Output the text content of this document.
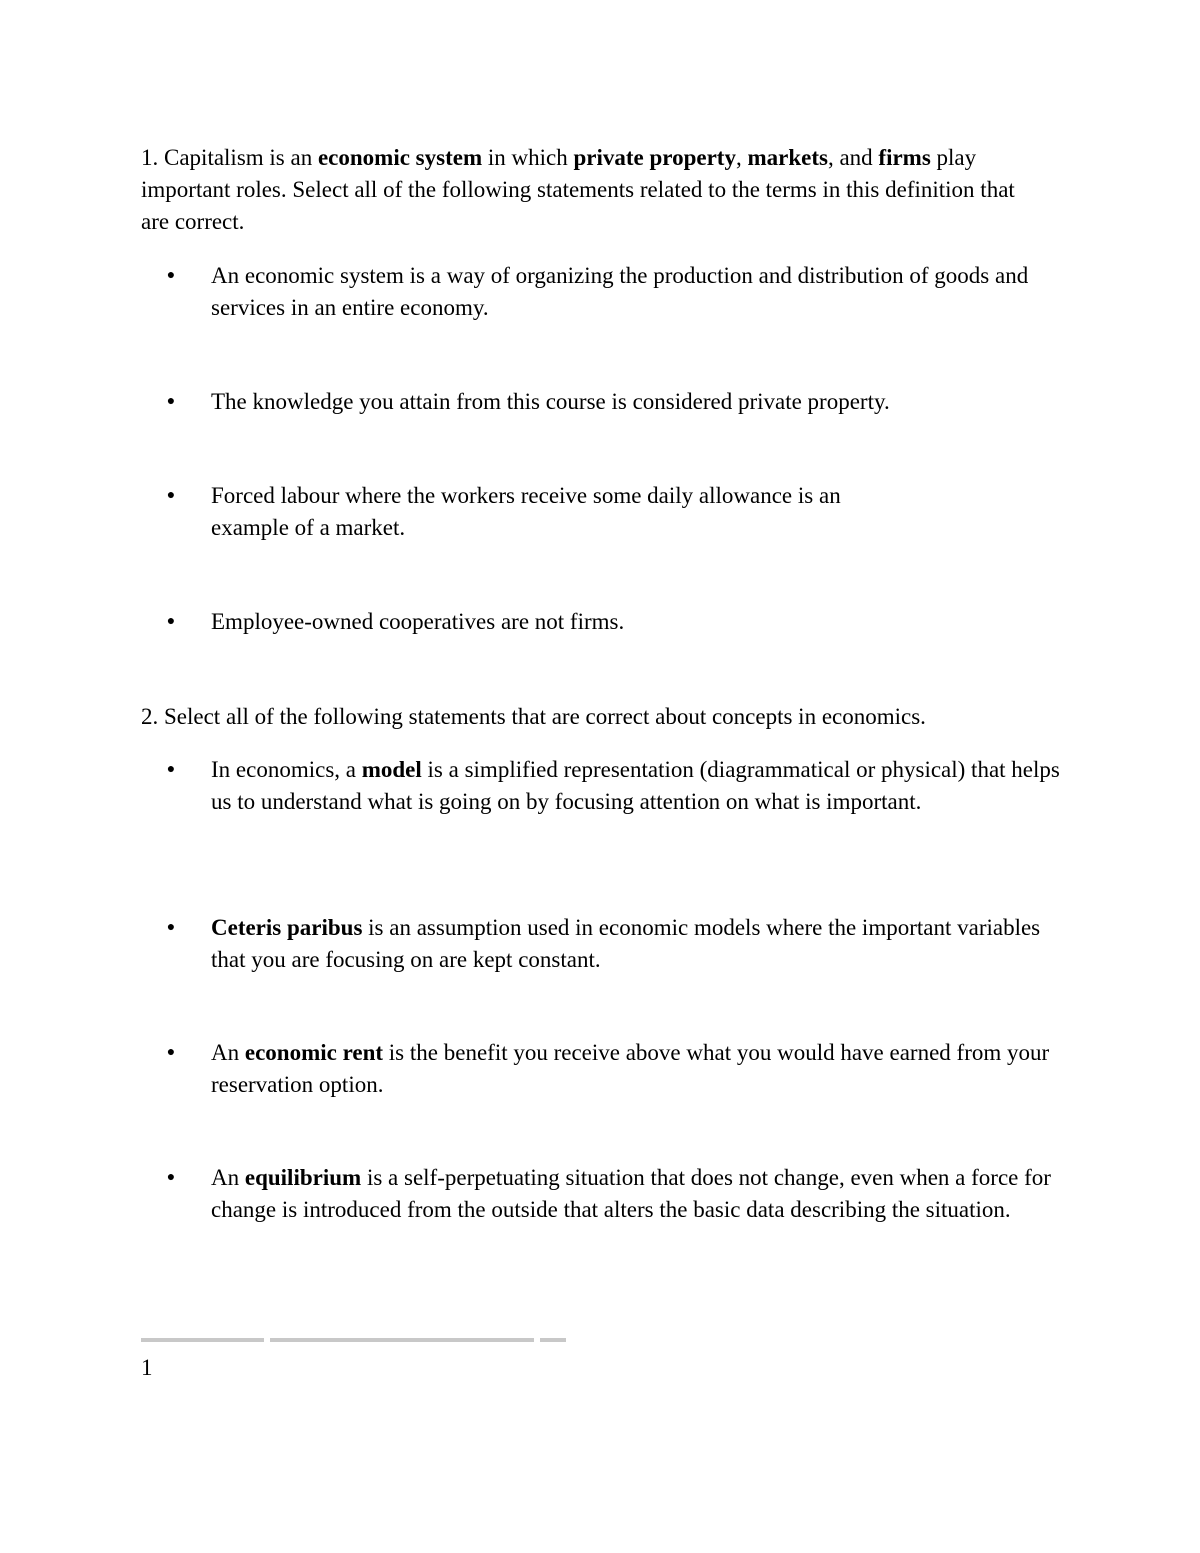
1. Capitalism is an economic system in which private property, markets, and firms play important roles. Select all of the following statements related to the terms in this definition that are correct.

● An economic system is a way of organizing the production and distribution of goods and services in an entire economy.

● The knowledge you attain from this course is considered private property.

● Forced labour where the workers receive some daily allowance is an
example of a market.

● Employee-owned cooperatives are not firms.

2. Select all of the following statements that are correct about concepts in economics.

● In economics, a model is a simplified representation (diagrammatical or physical) that helps us to understand what is going on by focusing attention on what is important.

● Ceteris paribus is an assumption used in economic models where the important variables that you are focusing on are kept constant.

● An economic rent is the benefit you receive above what you would have earned from your reservation option.

● An equilibrium is a self-perpetuating situation that does not change, even when a force for change is introduced from the outside that alters the basic data describing the situation.

1
